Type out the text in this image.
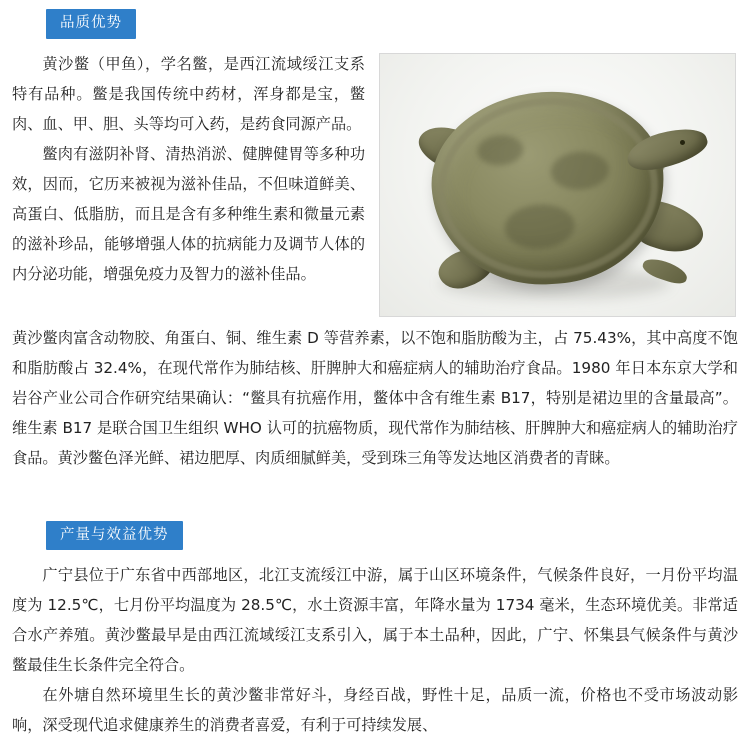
品质优势

黄沙鳖（甲鱼），学名鳖，是西江流域绥江支系特有品种。鳖是我国传统中药材，浑身都是宝，鳖肉、血、甲、胆、头等均可入药，是药食同源产品。

鳖肉有滋阴补肾、清热消淤、健脾健胃等多种功效，因而，它历来被视为滋补佳品，不但味道鲜美、高蛋白、低脂肪，而且是含有多种维生素和微量元素的滋补珍品，能够增强人体的抗病能力及调节人体的内分泌功能，增强免疫力及智力的滋补佳品。

黄沙鳖肉富含动物胶、角蛋白、铜、维生素 D 等营养素，以不饱和脂肪酸为主，占 75.43%，其中高度不饱和脂肪酸占 32.4%，在现代常作为肺结核、肝脾肿大和癌症病人的辅助治疗食品。1980 年日本东京大学和岩谷产业公司合作研究结果确认：“鳖具有抗癌作用，鳖体中含有维生素 B17，特别是裙边里的含量最高”。维生素 B17 是联合国卫生组织 WHO 认可的抗癌物质，现代常作为肺结核、肝脾肿大和癌症病人的辅助治疗食品。黄沙鳖色泽光鲜、裙边肥厚、肉质细腻鲜美，受到珠三角等发达地区消费者的青睐。

产量与效益优势

广宁县位于广东省中西部地区，北江支流绥江中游，属于山区环境条件，气候条件良好，一月份平均温度为 12.5℃，七月份平均温度为 28.5℃，水土资源丰富，年降水量为 1734 毫米，生态环境优美。非常适合水产养殖。黄沙鳖最早是由西江流域绥江支系引入，属于本土品种，因此，广宁、怀集县气候条件与黄沙鳖最佳生长条件完全符合。

在外塘自然环境里生长的黄沙鳖非常好斗，身经百战，野性十足，品质一流，价格也不受市场波动影响，深受现代追求健康养生的消费者喜爱，有利于可持续发展、
